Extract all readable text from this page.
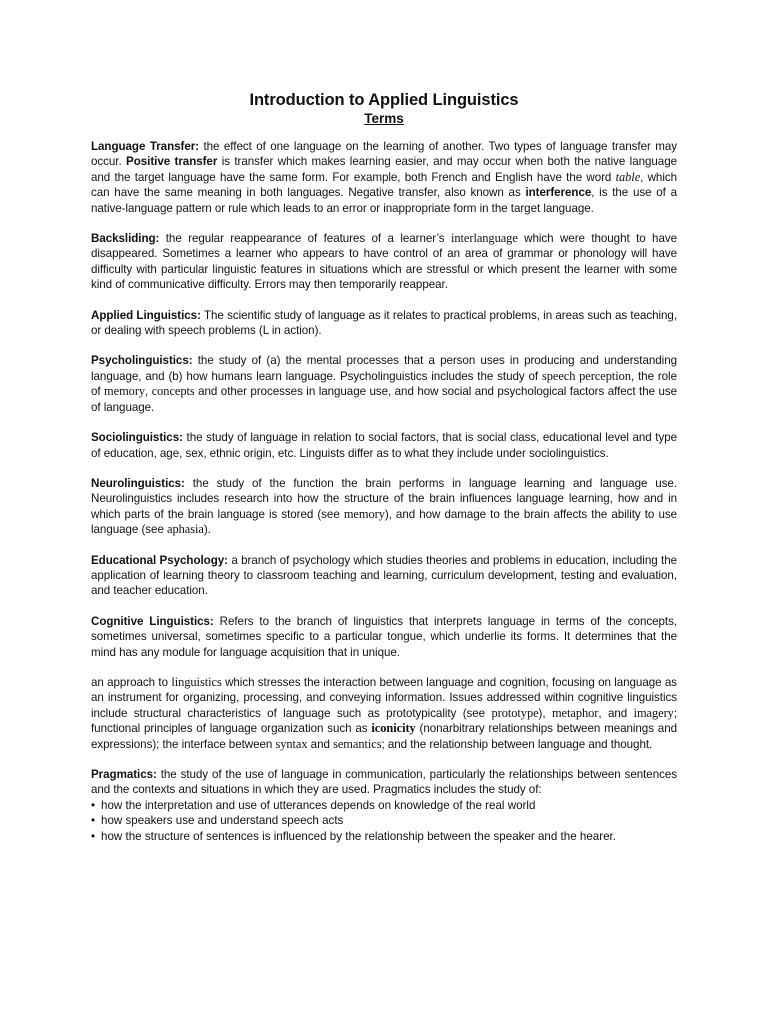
Introduction to Applied Linguistics
Terms

Language Transfer: the effect of one language on the learning of another. Two types of language transfer may occur. Positive transfer is transfer which makes learning easier, and may occur when both the native language and the target language have the same form. For example, both French and English have the word table, which can have the same meaning in both languages. Negative transfer, also known as interference, is the use of a native-language pattern or rule which leads to an error or inappropriate form in the target language.

Backsliding: the regular reappearance of features of a learner’s interlanguage which were thought to have disappeared. Sometimes a learner who appears to have control of an area of grammar or phonology will have difficulty with particular linguistic features in situations which are stressful or which present the learner with some kind of communicative difficulty. Errors may then temporarily reappear.

Applied Linguistics: The scientific study of language as it relates to practical problems, in areas such as teaching, or dealing with speech problems (L in action).

Psycholinguistics: the study of (a) the mental processes that a person uses in producing and understanding language, and (b) how humans learn language. Psycholinguistics includes the study of speech perception, the role of memory, concepts and other processes in language use, and how social and psychological factors affect the use of language.

Sociolinguistics: the study of language in relation to social factors, that is social class, educational level and type of education, age, sex, ethnic origin, etc. Linguists differ as to what they include under sociolinguistics.

Neurolinguistics: the study of the function the brain performs in language learning and language use. Neurolinguistics includes research into how the structure of the brain influences language learning, how and in which parts of the brain language is stored (see memory), and how damage to the brain affects the ability to use language (see aphasia).

Educational Psychology: a branch of psychology which studies theories and problems in education, including the application of learning theory to classroom teaching and learning, curriculum development, testing and evaluation, and teacher education.

Cognitive Linguistics: Refers to the branch of linguistics that interprets language in terms of the concepts, sometimes universal, sometimes specific to a particular tongue, which underlie its forms. It determines that the mind has any module for language acquisition that in unique.

an approach to linguistics which stresses the interaction between language and cognition, focusing on language as an instrument for organizing, processing, and conveying information. Issues addressed within cognitive linguistics include structural characteristics of language such as prototypicality (see prototype), metaphor, and imagery; functional principles of language organization such as iconicity (nonarbitrary relationships between meanings and expressions); the interface between syntax and semantics; and the relationship between language and thought.

Pragmatics: the study of the use of language in communication, particularly the relationships between sentences and the contexts and situations in which they are used. Pragmatics includes the study of:

• how the interpretation and use of utterances depends on knowledge of the real world
• how speakers use and understand speech acts
• how the structure of sentences is influenced by the relationship between the speaker and the hearer.
